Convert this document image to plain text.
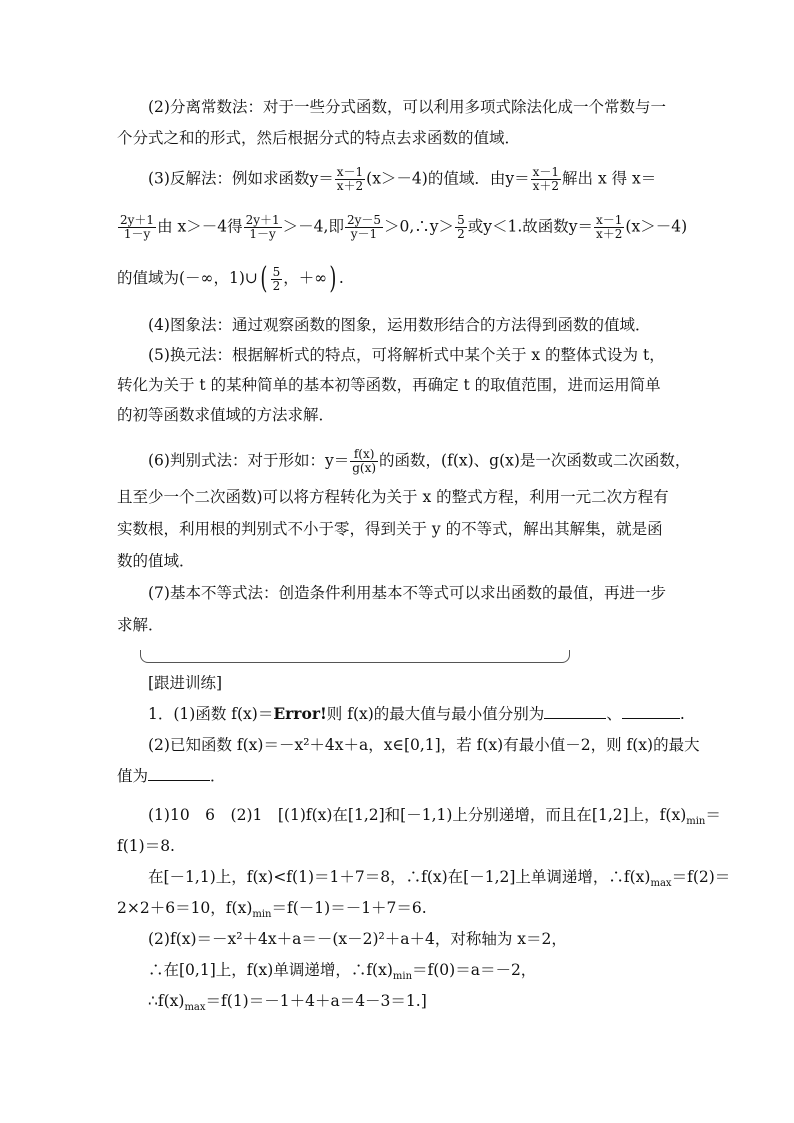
(2)分离常数法：对于一些分式函数，可以利用多项式除法化成一个常数与一
个分式之和的形式，然后根据分式的特点去求函数的值域．
(3)反解法：例如求函数$y= \frac{x-1}{x+2} (x>-4)$的值域．由$y= \frac{x-1}{x+2}$ 解出 x 得 x＝
$\frac{2y+1}{1-y}$ 由 x＞－4得 $\frac{2y+1}{1-y} >-4$,即 $\frac{2y-5}{y-1}$ ＞0,∴y＞ $\frac{5}{2}$ 或y＜1.故函数$y= \frac{x-1}{x+2} (x>-4)$
的值域为(－∞，1)∪( $\frac{5}{2}$ ，＋∞) .
(4)图象法：通过观察函数的图象，运用数形结合的方法得到函数的值域．
(5)换元法：根据解析式的特点，可将解析式中某个关于 x 的整体式设为 t，
转化为关于 t 的某种简单的基本初等函数，再确定 t 的取值范围，进而运用简单
的初等函数求值域的方法求解．
(6)判别式法：对于形如：$y= \frac{f(x)}{g(x)}$ 的函数，(f(x)、g(x)是一次函数或二次函数，
且至少一个二次函数)可以将方程转化为关于 x 的整式方程，利用一元二次方程有
实数根，利用根的判别式不小于零，得到关于 y 的不等式，解出其解集，就是函
数的值域．
(7)基本不等式法：创造条件利用基本不等式可以求出函数的最值，再进一步
求解．
[跟进训练]
1．(1)函数 f(x)＝Error!则 f(x)的最大值与最小值分别为	、	.
(2)已知函数 f(x)＝－x²＋4x＋a，x∈[0,1]，若 f(x)有最小值－2，则 f(x)的最大
值为	．
(1)10　6　(2)1　[(1)f(x)在[1,2]和[－1,1)上分别递增，而且在[1,2]上，$f(x)_{min}=$
f(1)＝8.
在[－1,1)上，f(x)<f(1)＝1＋7＝8，∴f(x)在[－1,2]上单调递增，$\therefore f(x)_{max}=f(2)=$
2×2＋6＝10，$f(x)_{min}=f(-1)=-1+7=6$.
(2)f(x)＝－x²＋4x＋a＝－(x－2)²＋a＋4，对称轴为 x＝2，
∴在[0,1]上，f(x)单调递增，$\therefore f(x)_{min}=f(0)=a=-2$，
$\therefore f(x)_{max}=f(1)=-1+4+a=4-3=1$.]
